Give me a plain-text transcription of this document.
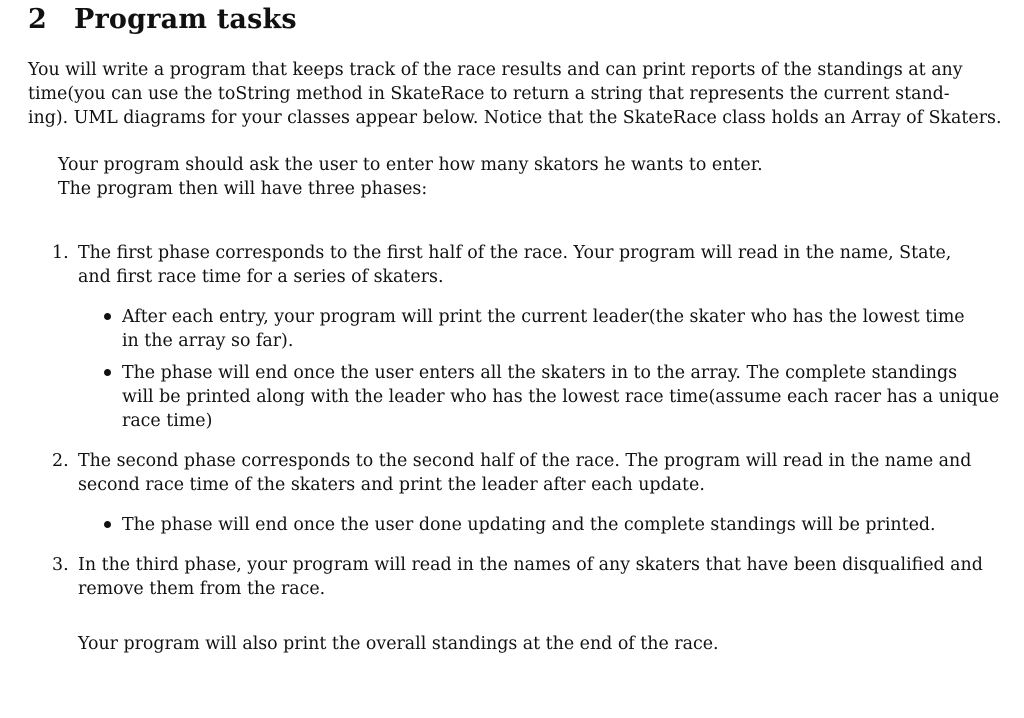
2 Program tasks
You will write a program that keeps track of the race results and can print reports of the standings at any
time(you can use the toString method in SkateRace to return a string that represents the current stand-
ing). UML diagrams for your classes appear below. Notice that the SkateRace class holds an Array of Skaters.
Your program should ask the user to enter how many skators he wants to enter.
The program then will have three phases:
1. The first phase corresponds to the first half of the race. Your program will read in the name, State,
and first race time for a series of skaters.
After each entry, your program will print the current leader(the skater who has the lowest time
in the array so far).
The phase will end once the user enters all the skaters in to the array. The complete standings
will be printed along with the leader who has the lowest race time(assume each racer has a unique
race time)
2. The second phase corresponds to the second half of the race. The program will read in the name and
second race time of the skaters and print the leader after each update.
The phase will end once the user done updating and the complete standings will be printed.
3. In the third phase, your program will read in the names of any skaters that have been disqualified and
remove them from the race.
Your program will also print the overall standings at the end of the race.
